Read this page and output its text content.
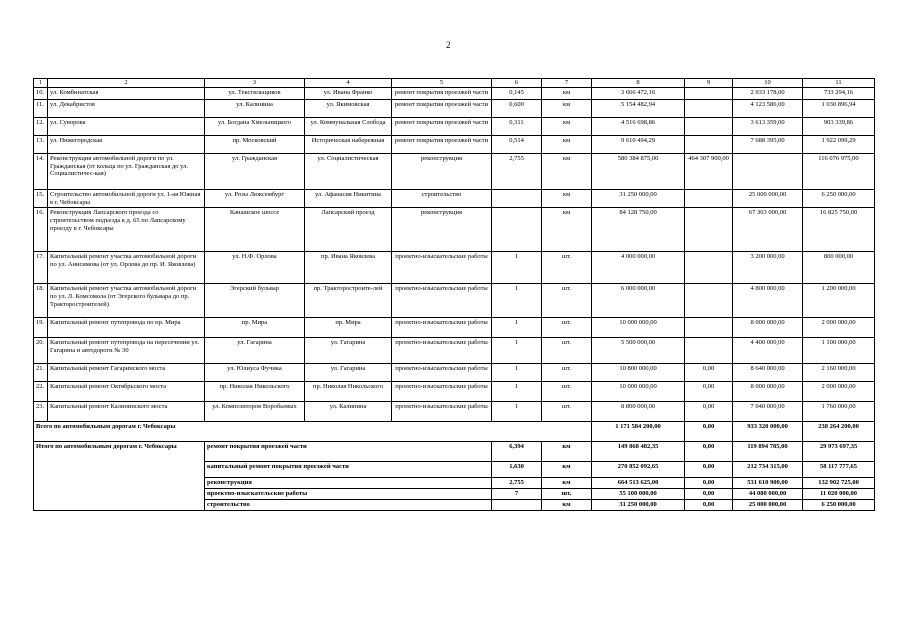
2
1	2	3	4	5	6	7	8	9	10	11
10.	ул. Комбинатская	ул. Текстильщиков	ул. Ивана Франко	ремонт покрытия проезжей части	0,145	км	3 666 472,16		2 933 178,00	733 294,16
11.	ул. Декабристов	ул. Калинина	ул. Якимовская	ремонт покрытия проезжей части	0,600	км	5 154 482,94		4 123 586,00	1 030 896,94
12.	ул. Суворова	ул. Богдана Хмельницкого	ул. Коммунальная Слобода	ремонт покрытия проезжей части	0,311	км	4 516 698,86		3 613 359,00	903 339,86
13.	ул. Нижегородская	пр. Московский	Историческая набережная	ремонт покрытия проезжей части	0,514	км	9 610 494,29		7 688 395,00	1 922 099,29
14.	Реконструкция автомобильной дороги по ул. Гражданская (от кольца по ул. Гражданская до ул. Социалистичес-кая)	ул. Гражданская	ул. Социалистическая	реконструкция	2,755	км	580 384 875,00	464 307 900,00		116 076 975,00
15.	Строительство автомобильной дороги ул. 1-ая Южная в г. Чебоксары	ул. Розы Люксембург	ул. Афанасия Никитина	строительство		км	31 250 000,00		25 000 000,00	6 250 000,00
16.	Реконструкция Лапсарского проезда со строительством подъезда к д. 65 по Лапсарскому проезду в г. Чебоксары	Канашское шоссе	Лапсарский проезд	реконструкция		км	84 128 750,00		67 303 000,00	16 825 750,00
17.	Капитальный ремонт участка автомобильной дороги по ул. Анисимова (от ул. Орлова до пр. И. Яковлева)	ул. Н.Ф. Орлова	пр. Ивана Яковлева	проектно-изыскательские работы	1	шт.	4 000 000,00		3 200 000,00	800 000,00
18.	Капитальный ремонт участка автомобильной дороги по ул. Л. Комсомола (от Эгерского бульвара до пр. Тракторостроителей)	Эгерский бульвар	пр. Тракторостроите-лей	проектно-изыскательские работы	1	шт.	6 000 000,00		4 800 000,00	1 200 000,00
19.	Капитальный ремонт путепровода по пр. Мира	пр. Мира	пр. Мира	проектно-изыскательские работы	1	шт.	10 000 000,00		8 000 000,00	2 000 000,00
20.	Капитальный ремонт путепровода на пересечении ул. Гагарина и автодороги № 30	ул. Гагарина	ул. Гагарина	проектно-изыскательские работы	1	шт.	5 500 000,00		4 400 000,00	1 100 000,00
21.	Капитальный ремонт Гагаринского моста	ул. Юлиуса Фучика	ул. Гагарина	проектно-изыскательские работы	1	шт.	10 800 000,00	0,00	8 640 000,00	2 160 000,00
22.	Капитальный ремонт Октябрьского моста	пр. Николая Никольского	пр. Николая Никольского	проектно-изыскательские работы	1	шт.	10 000 000,00	0,00	8 000 000,00	2 000 000,00
23.	Капитальный ремонт Калининского моста	ул. Композиторов Воробьевых	ул. Калинина	проектно-изыскательские работы	1	шт.	8 800 000,00	0,00	7 040 000,00	1 760 000,00
Всего по автомобильным дорогам г. Чебоксары							1 171 584 200,00	0,00	933 320 000,00	238 264 200,00
Итого по автомобильным дорогам г. Чебоксары		ремонт покрытия проезжей части			6,394	км	149 868 482,35	0,00	119 894 785,00	29 973 697,35
		капитальный ремонт покрытия проезжей части			1,630	км	270 852 092,65	0,00	212 734 315,00	58 117 777,65
		реконструкция			2,755	км	664 513 625,00	0,00	531 610 900,00	132 902 725,00
		проектно-изыскательские работы			7	шт.	55 100 000,00	0,00	44 080 000,00	11 020 000,00
		строительство				км	31 250 000,00	0,00	25 000 000,00	6 250 000,00
